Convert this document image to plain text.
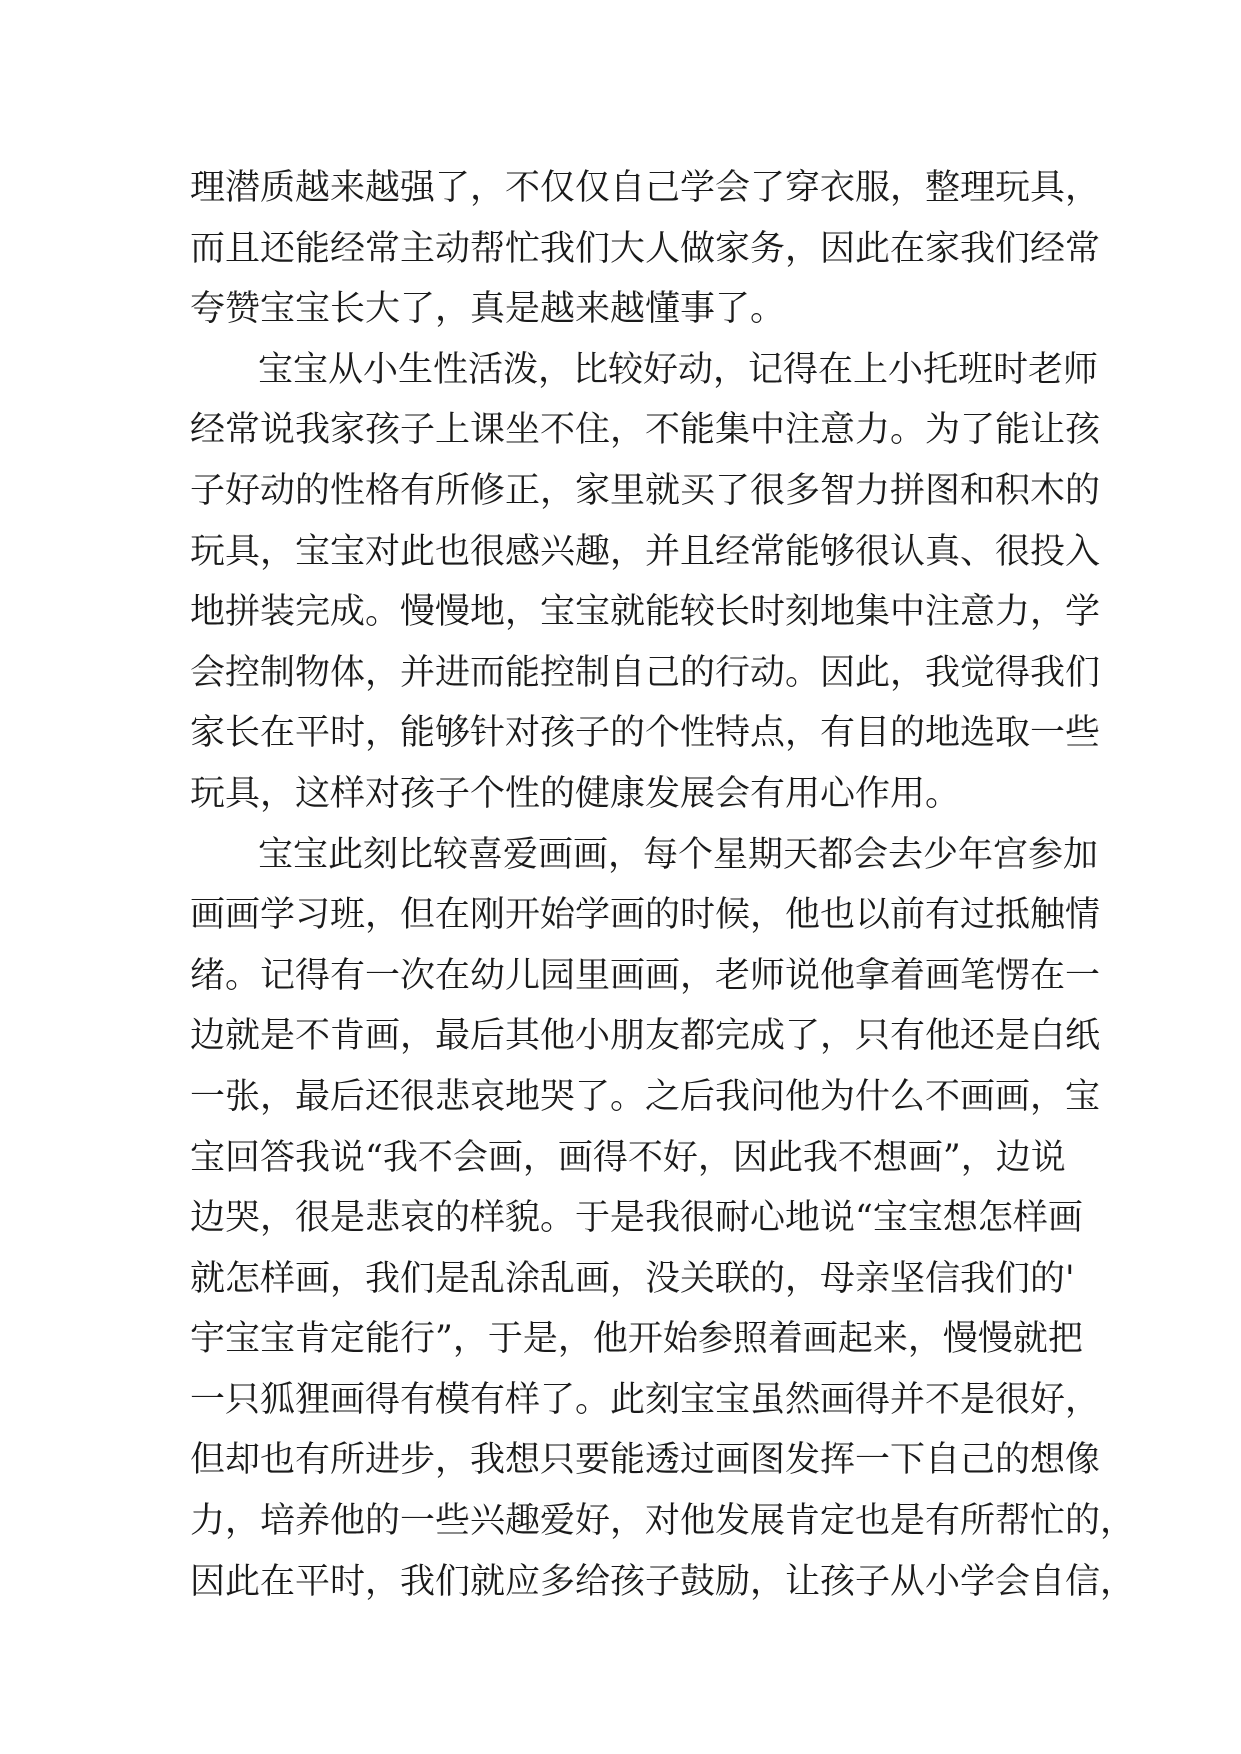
理潜质越来越强了，不仅仅自己学会了穿衣服，整理玩具，
而且还能经常主动帮忙我们大人做家务，因此在家我们经常
夸赞宝宝长大了，真是越来越懂事了。
宝宝从小生性活泼，比较好动，记得在上小托班时老师
经常说我家孩子上课坐不住，不能集中注意力。为了能让孩
子好动的性格有所修正，家里就买了很多智力拼图和积木的
玩具，宝宝对此也很感兴趣，并且经常能够很认真、很投入
地拼装完成。慢慢地，宝宝就能较长时刻地集中注意力，学
会控制物体，并进而能控制自己的行动。因此，我觉得我们
家长在平时，能够针对孩子的个性特点，有目的地选取一些
玩具，这样对孩子个性的健康发展会有用心作用。
宝宝此刻比较喜爱画画，每个星期天都会去少年宫参加
画画学习班，但在刚开始学画的时候，他也以前有过抵触情
绪。记得有一次在幼儿园里画画，老师说他拿着画笔愣在一
边就是不肯画，最后其他小朋友都完成了，只有他还是白纸
一张，最后还很悲哀地哭了。之后我问他为什么不画画，宝
宝回答我说“我不会画，画得不好，因此我不想画”，边说
边哭，很是悲哀的样貌。于是我很耐心地说“宝宝想怎样画
就怎样画，我们是乱涂乱画，没关联的，母亲坚信我们的'
宇宝宝肯定能行”，于是，他开始参照着画起来，慢慢就把
一只狐狸画得有模有样了。此刻宝宝虽然画得并不是很好，
但却也有所进步，我想只要能透过画图发挥一下自己的想像
力，培养他的一些兴趣爱好，对他发展肯定也是有所帮忙的，
因此在平时，我们就应多给孩子鼓励，让孩子从小学会自信，
